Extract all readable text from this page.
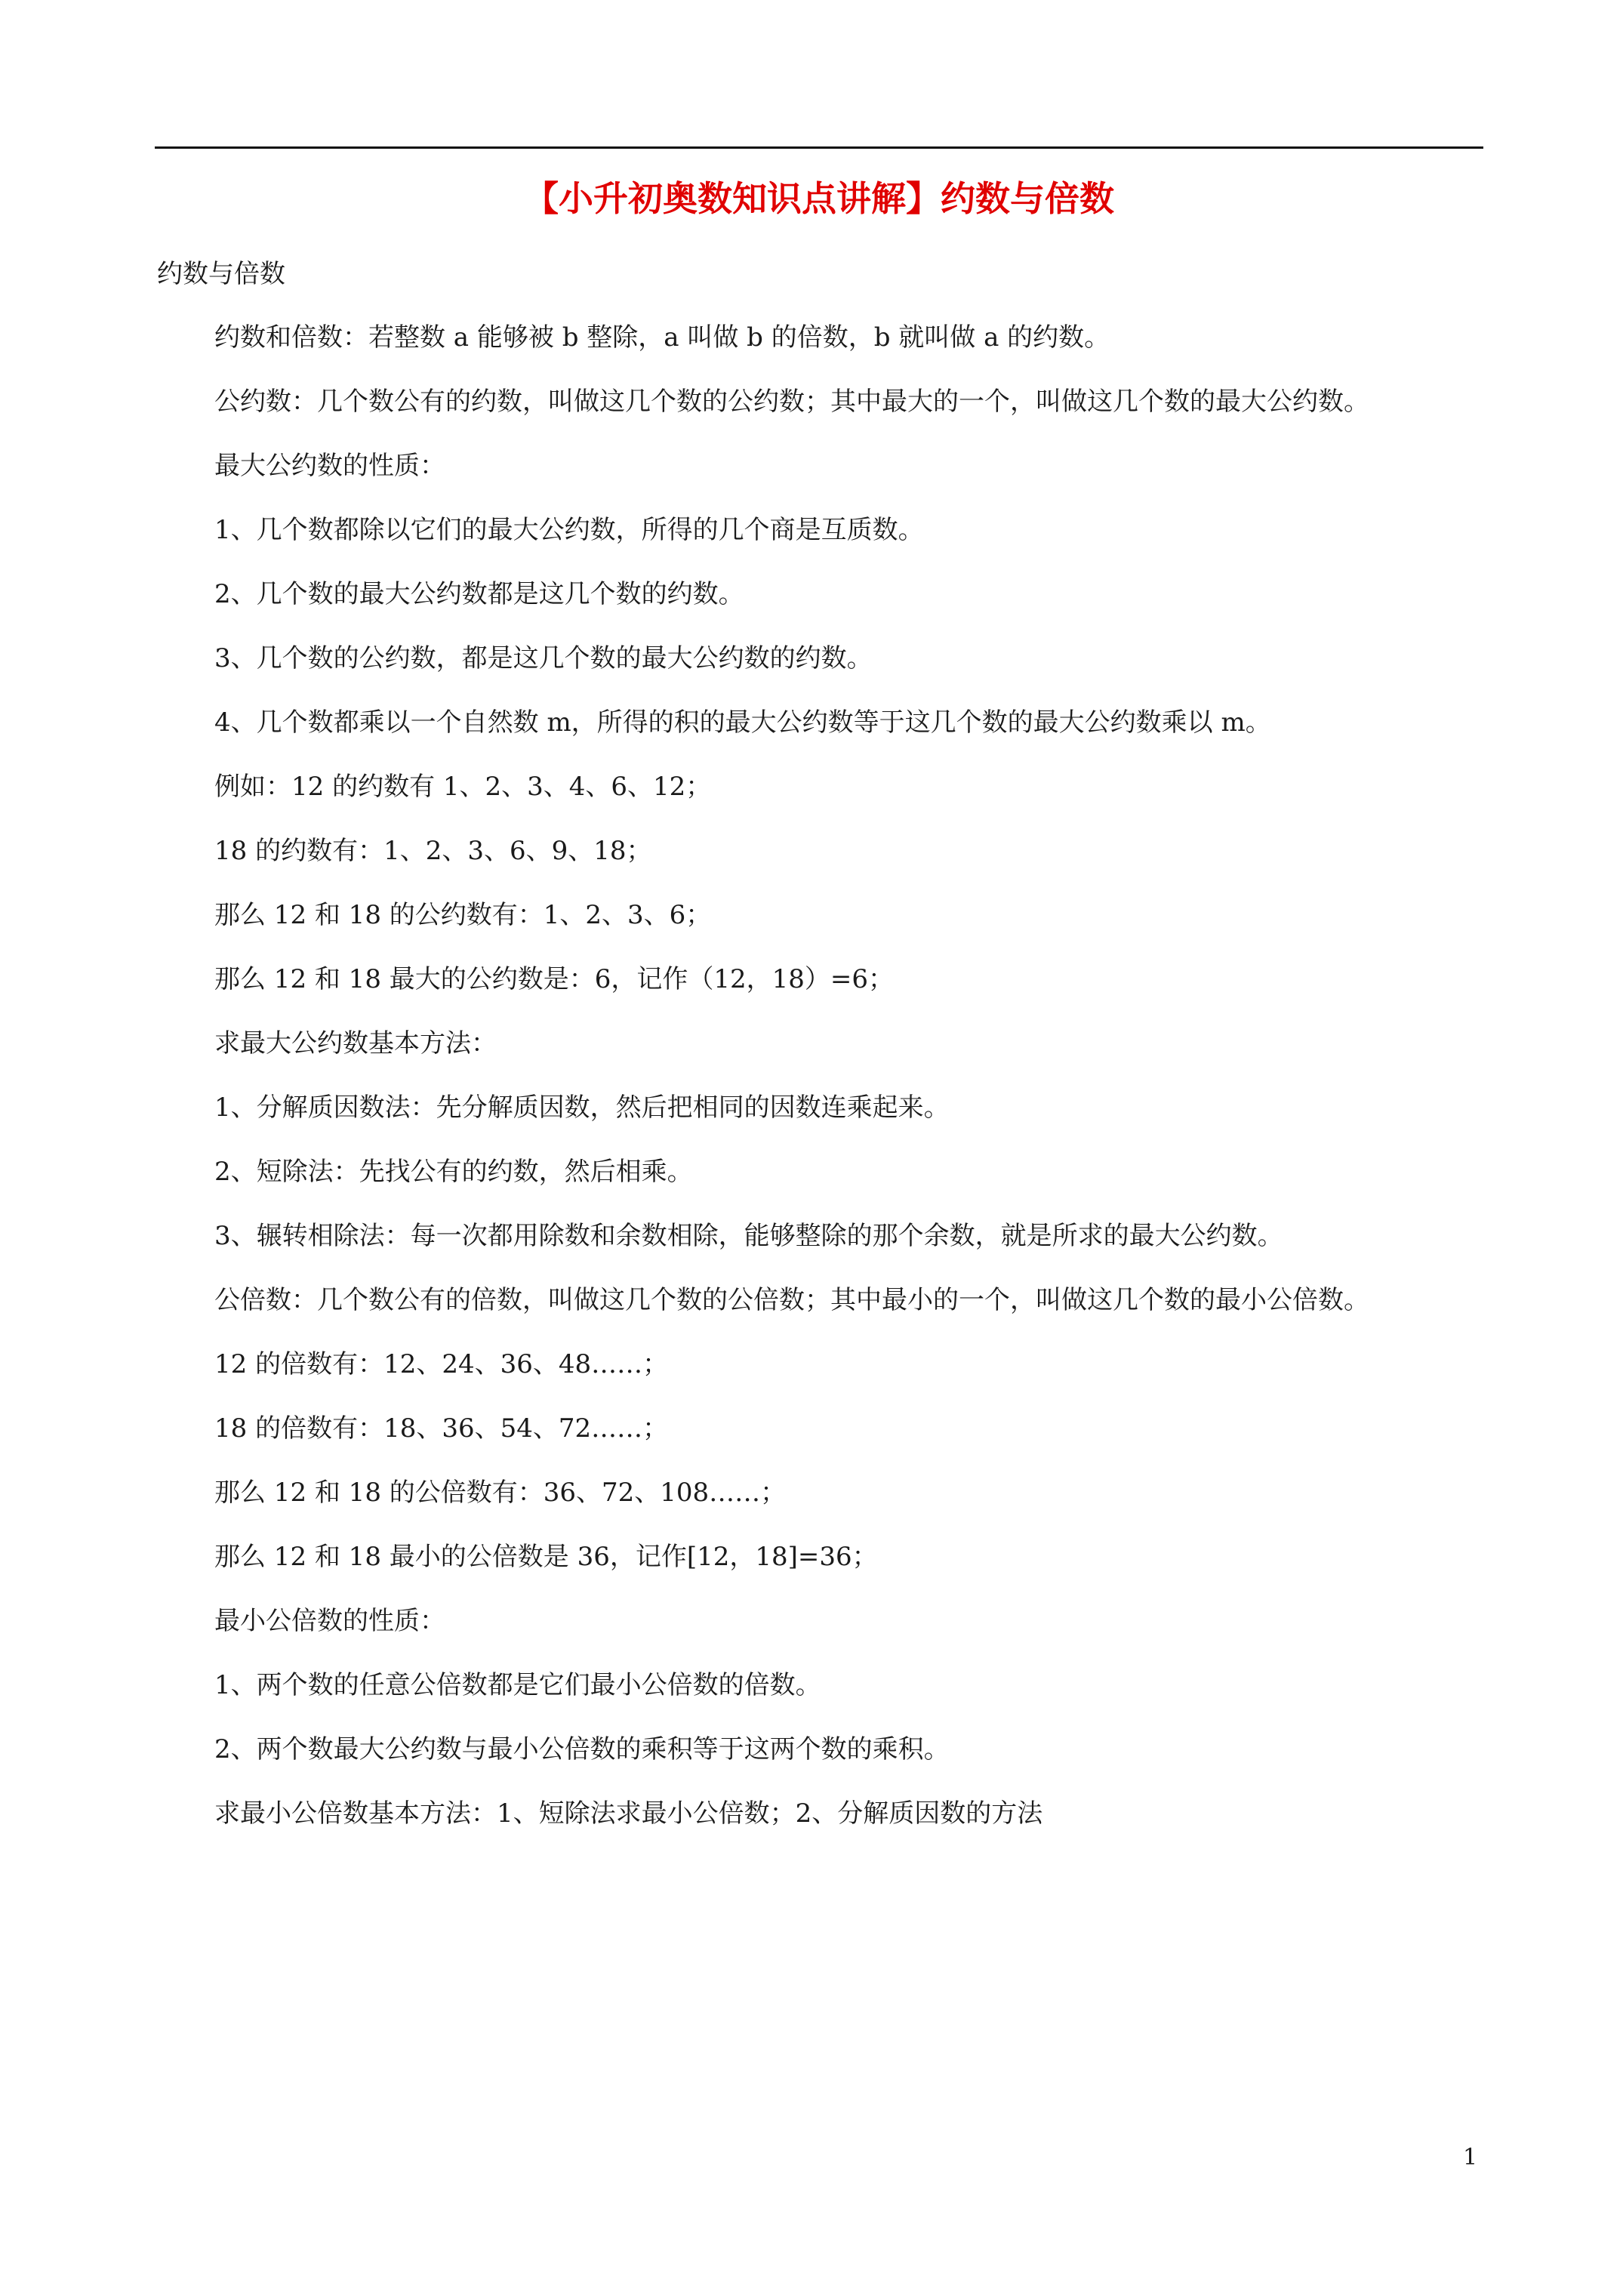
【小升初奥数知识点讲解】约数与倍数
约数与倍数
约数和倍数：若整数 a 能够被 b 整除，a 叫做 b 的倍数，b 就叫做 a 的约数。
公约数：几个数公有的约数，叫做这几个数的公约数；其中最大的一个，叫做这几个数的最大公约数。
最大公约数的性质：
1、几个数都除以它们的最大公约数，所得的几个商是互质数。
2、几个数的最大公约数都是这几个数的约数。
3、几个数的公约数，都是这几个数的最大公约数的约数。
4、几个数都乘以一个自然数 m，所得的积的最大公约数等于这几个数的最大公约数乘以 m。
例如：12 的约数有 1、2、3、4、6、12；
18 的约数有：1、2、3、6、9、18；
那么 12 和 18 的公约数有：1、2、3、6；
那么 12 和 18 最大的公约数是：6，记作（12，18）=6；
求最大公约数基本方法：
1、分解质因数法：先分解质因数，然后把相同的因数连乘起来。
2、短除法：先找公有的约数，然后相乘。
3、辗转相除法：每一次都用除数和余数相除，能够整除的那个余数，就是所求的最大公约数。
公倍数：几个数公有的倍数，叫做这几个数的公倍数；其中最小的一个，叫做这几个数的最小公倍数。
12 的倍数有：12、24、36、48……；
18 的倍数有：18、36、54、72……；
那么 12 和 18 的公倍数有：36、72、108……；
那么 12 和 18 最小的公倍数是 36，记作[12，18]=36；
最小公倍数的性质：
1、两个数的任意公倍数都是它们最小公倍数的倍数。
2、两个数最大公约数与最小公倍数的乘积等于这两个数的乘积。
求最小公倍数基本方法：1、短除法求最小公倍数；2、分解质因数的方法
1
